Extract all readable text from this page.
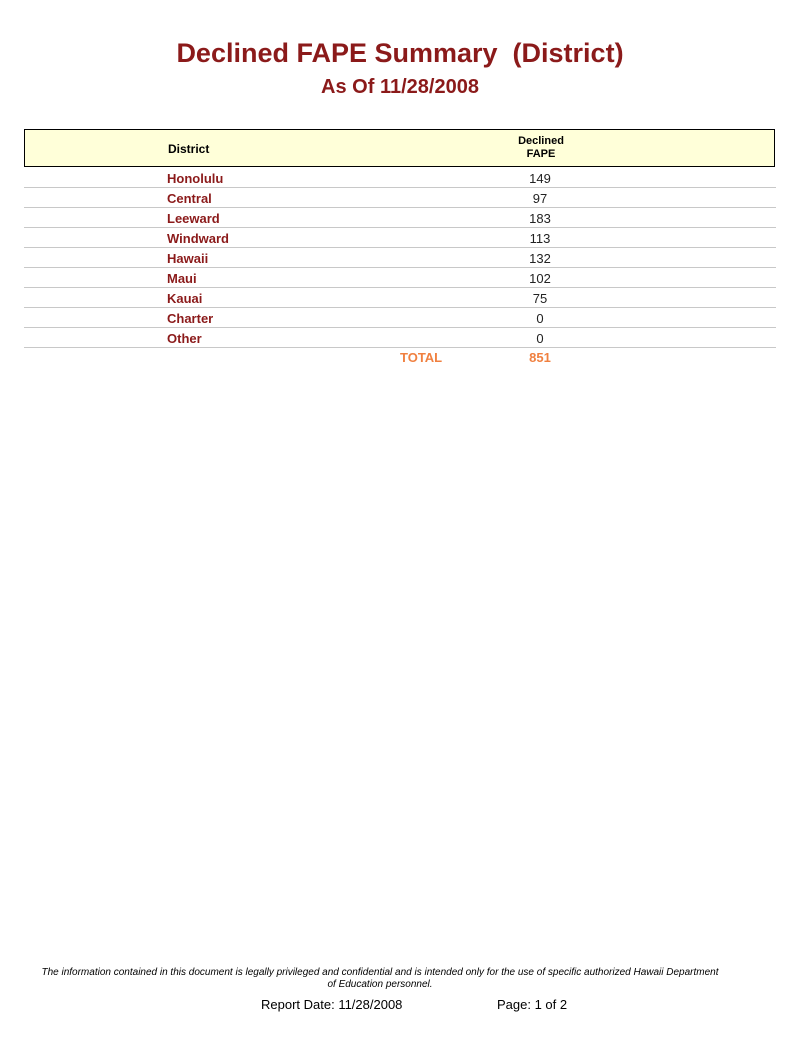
Declined FAPE Summary  (District)
As Of 11/28/2008
District
Declined
FAPE
Honolulu	149
Central	97
Leeward	183
Windward	113
Hawaii	132
Maui	102
Kauai	75
Charter	0
Other	0
TOTAL	851
The information contained in this document is legally privileged and confidential and is intended only for the use of specific authorized Hawaii Department of Education personnel.
Report Date: 11/28/2008	Page: 1 of 2
